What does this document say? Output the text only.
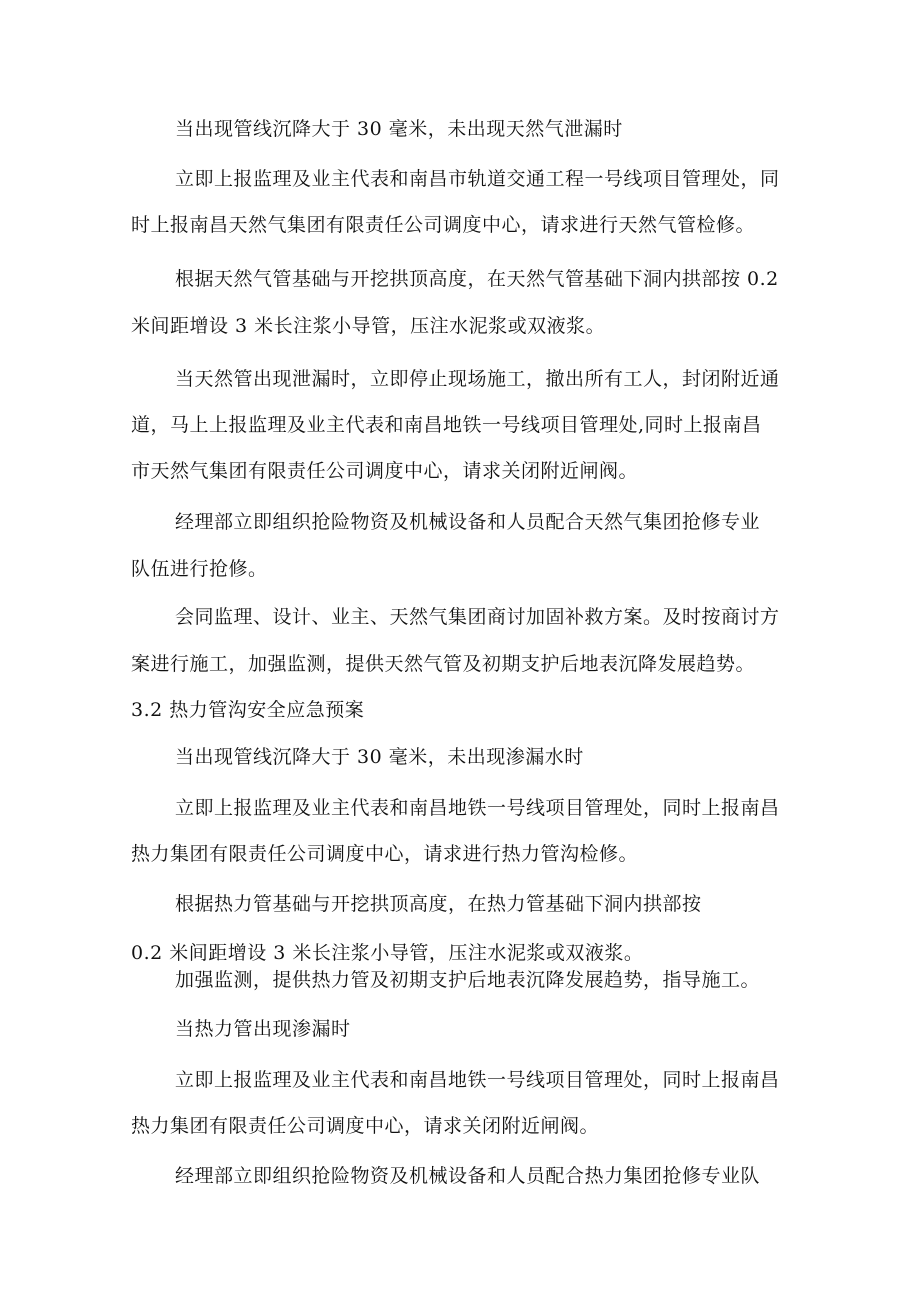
当出现管线沉降大于 30 毫米，未出现天然气泄漏时

立即上报监理及业主代表和南昌市轨道交通工程一号线项目管理处，同

时上报南昌天然气集团有限责任公司调度中心，请求进行天然气管检修。

根据天然气管基础与开挖拱顶高度，在天然气管基础下洞内拱部按 0.2

米间距增设 3 米长注浆小导管，压注水泥浆或双液浆。

当天然管出现泄漏时，立即停止现场施工，撤出所有工人，封闭附近通

道，马上上报监理及业主代表和南昌地铁一号线项目管理处,同时上报南昌

市天然气集团有限责任公司调度中心，请求关闭附近闸阀。

经理部立即组织抢险物资及机械设备和人员配合天然气集团抢修专业

队伍进行抢修。

会同监理、设计、业主、天然气集团商讨加固补救方案。及时按商讨方

案进行施工，加强监测，提供天然气管及初期支护后地表沉降发展趋势。

3.2 热力管沟安全应急预案

当出现管线沉降大于 30 毫米，未出现渗漏水时

立即上报监理及业主代表和南昌地铁一号线项目管理处，同时上报南昌

热力集团有限责任公司调度中心，请求进行热力管沟检修。

根据热力管基础与开挖拱顶高度，在热力管基础下洞内拱部按

0.2 米间距增设 3 米长注浆小导管，压注水泥浆或双液浆。

加强监测，提供热力管及初期支护后地表沉降发展趋势，指导施工。

当热力管出现渗漏时

立即上报监理及业主代表和南昌地铁一号线项目管理处，同时上报南昌

热力集团有限责任公司调度中心，请求关闭附近闸阀。

经理部立即组织抢险物资及机械设备和人员配合热力集团抢修专业队
